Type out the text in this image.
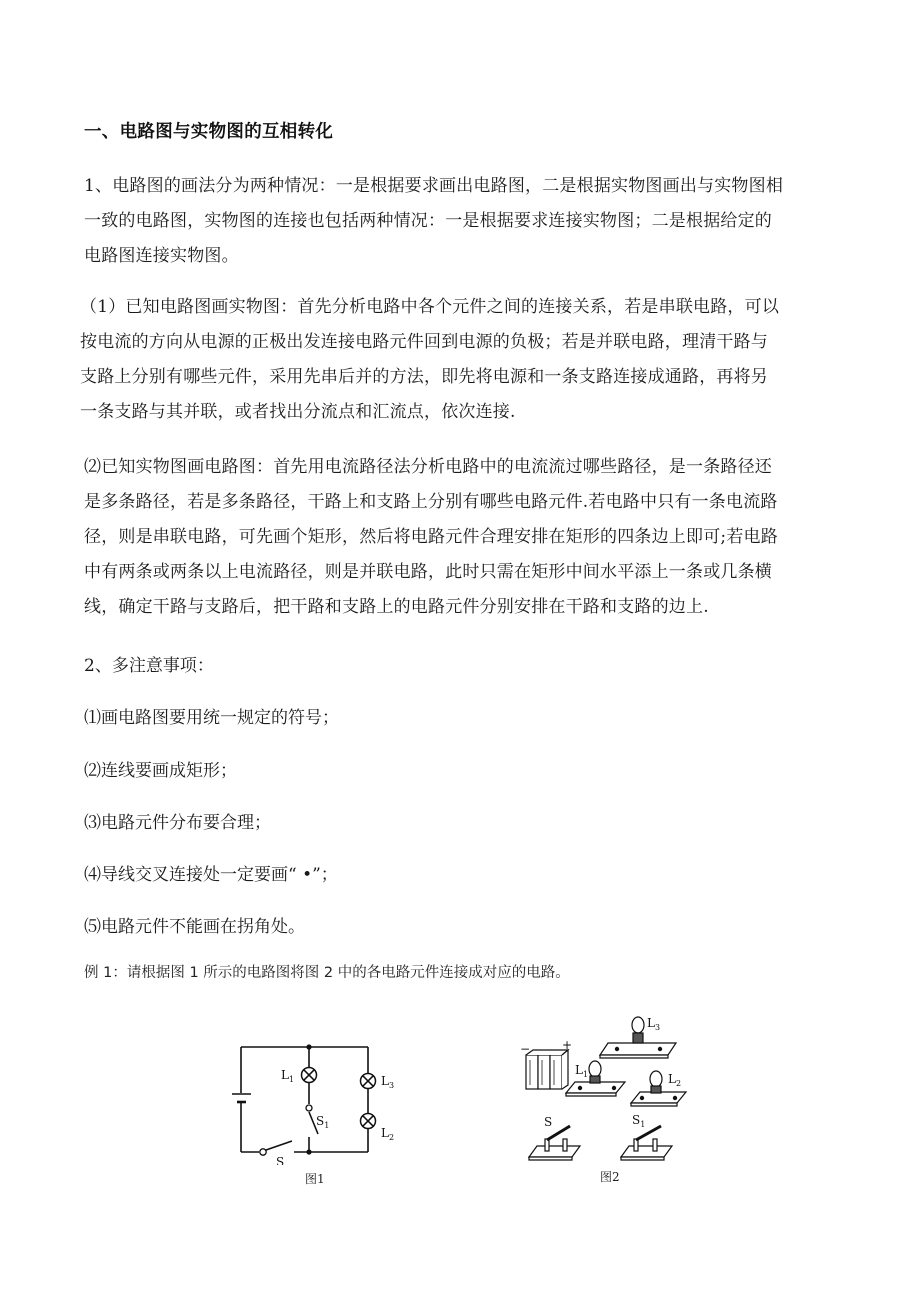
一、电路图与实物图的互相转化
1、电路图的画法分为两种情况：一是根据要求画出电路图，二是根据实物图画出与实物图相
一致的电路图，实物图的连接也包括两种情况：一是根据要求连接实物图；二是根据给定的
电路图连接实物图。
（1）已知电路图画实物图：首先分析电路中各个元件之间的连接关系，若是串联电路，可以
按电流的方向从电源的正极出发连接电路元件回到电源的负极；若是并联电路，理清干路与
支路上分别有哪些元件，采用先串后并的方法，即先将电源和一条支路连接成通路，再将另
一条支路与其并联，或者找出分流点和汇流点，依次连接.
⑵已知实物图画电路图：首先用电流路径法分析电路中的电流流过哪些路径，是一条路径还
是多条路径，若是多条路径，干路上和支路上分别有哪些电路元件.若电路中只有一条电流路
径，则是串联电路，可先画个矩形，然后将电路元件合理安排在矩形的四条边上即可;若电路
中有两条或两条以上电流路径，则是并联电路，此时只需在矩形中间水平添上一条或几条横
线，确定干路与支路后，把干路和支路上的电路元件分别安排在干路和支路的边上.
2、多注意事项：
⑴画电路图要用统一规定的符号；
⑵连线要画成矩形；
⑶电路元件分布要合理；
⑷导线交叉连接处一定要画“ •”；
⑸电路元件不能画在拐角处。
例 1：请根据图 1 所示的电路图将图 2 中的各电路元件连接成对应的电路。
$L_1$	$L_3$
$L_2$
$S_1$
S
图1
−	+
$L_3$
$L_1$	$L_2$
S	$S_1$
图2
